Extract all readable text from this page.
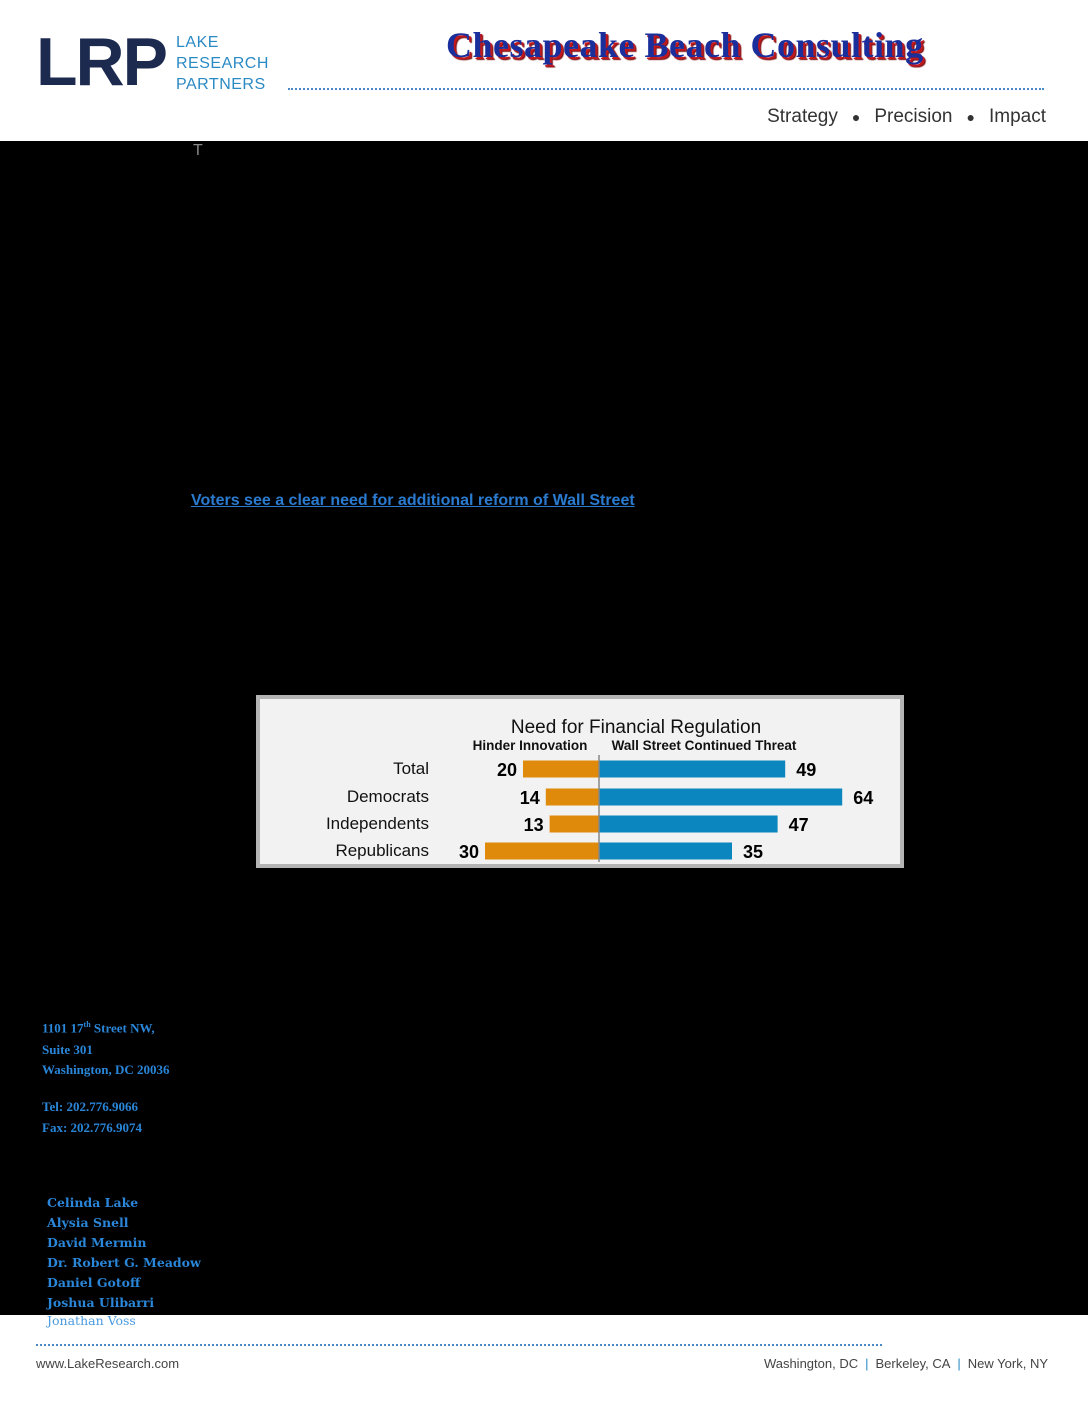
LRP LAKE
RESEARCH
PARTNERS
Chesapeake Beach Consulting
Strategy ● Precision ● Impact
T
Voters see a clear need for additional reform of Wall Street
Need for Financial Regulation
Hinder Innovation Wall Street Continued Threat
Total	20	49
Democrats	14	64
Independents	13	47
Republicans 30	35
1101 17th Street NW,
Suite 301
Washington, DC 20036
Tel: 202.776.9066
Fax: 202.776.9074
Celinda Lake
Alysia Snell
David Mermin
Dr. Robert G. Meadow
Daniel Gotoff
Joshua Ulibarri
Jonathan Voss
www.LakeResearch.com	Washington, DC | Berkeley, CA | New York, NY
